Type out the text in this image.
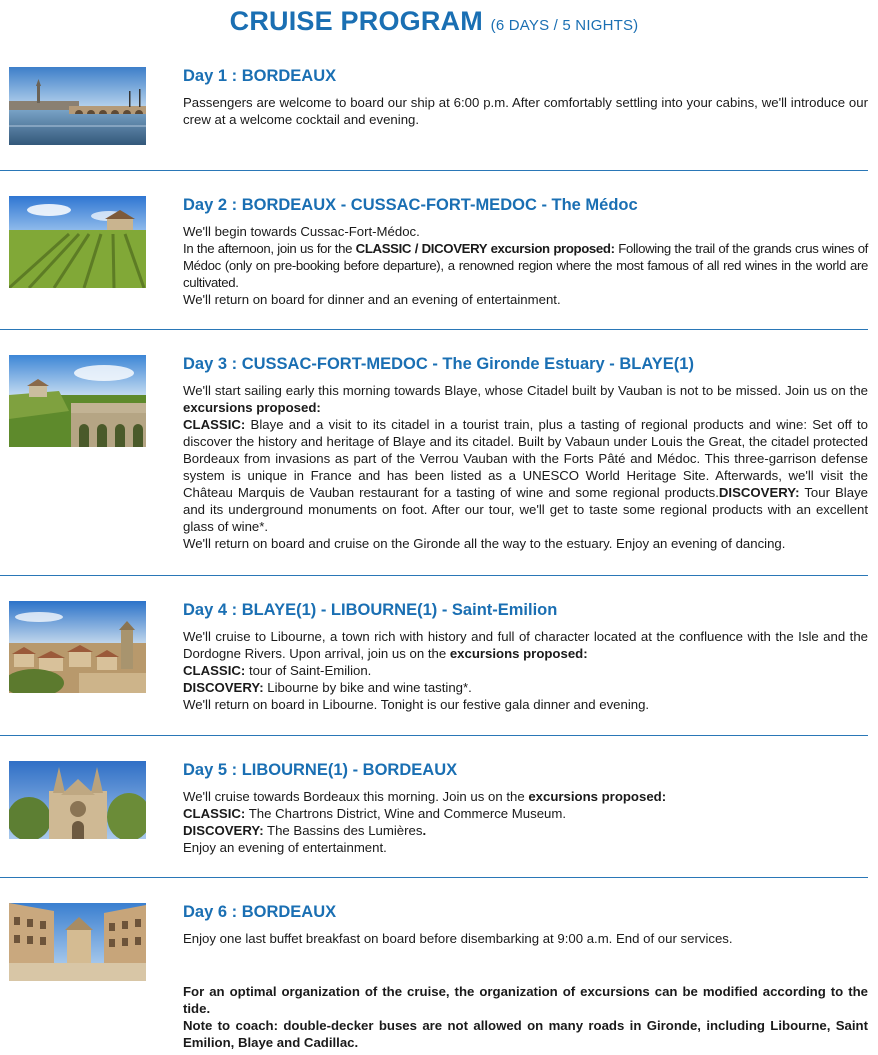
CRUISE PROGRAM (6 DAYS / 5 NIGHTS)
Day 1 : BORDEAUX

Passengers are welcome to board our ship at 6:00 p.m. After comfortably settling into your cabins, we'll introduce our crew at a welcome cocktail and evening.

Day 2 : BORDEAUX - CUSSAC-FORT-MEDOC - The Médoc

We'll begin towards Cussac-Fort-Médoc.

In the afternoon, join us for the CLASSIC / DICOVERY excursion proposed: Following the trail of the grands crus wines of Médoc (only on pre-booking before departure), a renowned region where the most famous of all red wines in the world are cultivated.

We'll return on board for dinner and an evening of entertainment.

Day 3 : CUSSAC-FORT-MEDOC - The Gironde Estuary - BLAYE(1)

We'll start sailing early this morning towards Blaye, whose Citadel built by Vauban is not to be missed. Join us on the excursions proposed:

CLASSIC: Blaye and a visit to its citadel in a tourist train, plus a tasting of regional products and wine: Set off to discover the history and heritage of Blaye and its citadel. Built by Vabaun under Louis the Great, the citadel protected Bordeaux from invasions as part of the Verrou Vauban with the Forts Pâté and Médoc. This three-garrison defense system is unique in France and has been listed as a UNESCO World Heritage Site. Afterwards, we'll visit the Château Marquis de Vauban restaurant for a tasting of wine and some regional products.DISCOVERY: Tour Blaye and its underground monuments on foot. After our tour, we'll get to taste some regional products with an excellent glass of wine*.

We'll return on board and cruise on the Gironde all the way to the estuary. Enjoy an evening of dancing.

Day 4 : BLAYE(1) - LIBOURNE(1) - Saint-Emilion

We'll cruise to Libourne, a town rich with history and full of character located at the confluence with the Isle and the Dordogne Rivers. Upon arrival, join us on the excursions proposed:

CLASSIC: tour of Saint-Emilion.

DISCOVERY: Libourne by bike and wine tasting*.

We'll return on board in Libourne. Tonight is our festive gala dinner and evening.

Day 5 : LIBOURNE(1) - BORDEAUX

We'll cruise towards Bordeaux this morning. Join us on the excursions proposed:

CLASSIC: The Chartrons District, Wine and Commerce Museum.

DISCOVERY: The Bassins des Lumières.

Enjoy an evening of entertainment.

Day 6 : BORDEAUX

Enjoy one last buffet breakfast on board before disembarking at 9:00 a.m. End of our services.

For an optimal organization of the cruise, the organization of excursions can be modified according to the tide.

Note to coach: double-decker buses are not allowed on many roads in Gironde, including Libourne, Saint Emilion, Blaye and Cadillac.
